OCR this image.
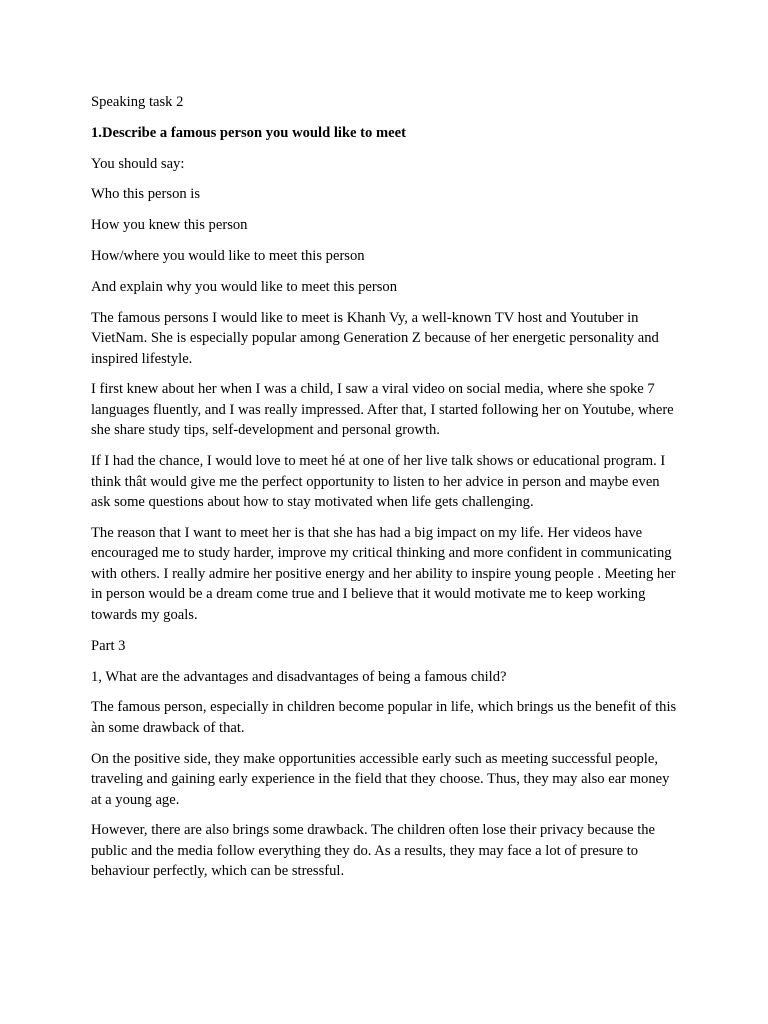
Speaking task 2

1.Describe a famous person you would like to meet

You should say:

Who this person is

How you knew this person

How/where you would like to meet this person

And explain why you would like to meet this person

The famous persons I would like to meet is Khanh Vy, a well-known TV host and Youtuber in VietNam. She is especially popular among Generation Z because of her energetic personality and inspired lifestyle.

I first knew about her when I was a child, I saw a viral video on social media, where she spoke 7 languages fluently, and I was really impressed. After that, I started following her on Youtube, where she share study tips, self-development and personal growth.

If I had the chance, I would love to meet hé at one of her live talk shows or educational program. I think thât would give me the perfect opportunity to listen to her advice in person and maybe even ask some questions about how to stay motivated when life gets challenging.

The reason that I want to meet her is that she has had a big impact on my life. Her videos have encouraged me to study harder, improve my critical thinking and more confident in communicating with others. I really admire her positive energy and her ability to inspire young people . Meeting her in person would be a dream come true and I believe that it would motivate me to keep working towards my goals.

Part 3

1, What are the advantages and disadvantages of being a famous child?

The famous person, especially in children become popular in life, which brings us the benefit of this àn some drawback of that.

On the positive side, they make opportunities accessible early such as meeting successful people, traveling and gaining early experience in the field that they choose. Thus, they may also ear money at a young age.

However, there are also brings some drawback. The children often lose their privacy because the public and the media follow everything they do. As a results, they may face a lot of presure to behaviour perfectly, which can be stressful.
